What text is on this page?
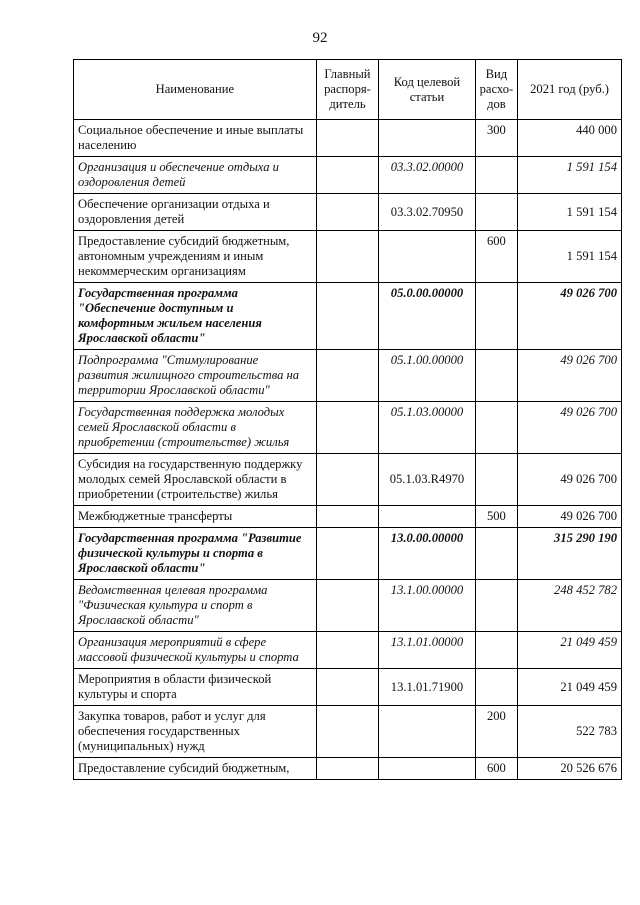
92
Наименование	Главный распоря-дитель	Код целевой статьи	Вид расхо-дов	2021 год (руб.)
Социальное обеспечение и иные выплаты населению			300	440 000
Организация и обеспечение отдыха и оздоровления детей		03.3.02.00000		1 591 154
Обеспечение организации отдыха и оздоровления детей		03.3.02.70950		1 591 154
Предоставление субсидий бюджетным, автономным учреждениям и иным некоммерческим организациям			600	1 591 154
Государственная программа "Обеспечение доступным и комфортным жильем населения Ярославской области"		05.0.00.00000		49 026 700
Подпрограмма "Стимулирование развития жилищного строительства на территории Ярославской области"		05.1.00.00000		49 026 700
Государственная поддержка молодых семей Ярославской области в приобретении (строительстве) жилья		05.1.03.00000		49 026 700
Субсидия на государственную поддержку молодых семей Ярославской области в приобретении (строительстве) жилья		05.1.03.R4970		49 026 700
Межбюджетные трансферты			500	49 026 700
Государственная программа "Развитие физической культуры и спорта в Ярославской области"		13.0.00.00000		315 290 190
Ведомственная целевая программа "Физическая культура и спорт в Ярославской области"		13.1.00.00000		248 452 782
Организация мероприятий в сфере массовой физической культуры и спорта		13.1.01.00000		21 049 459
Мероприятия в области физической культуры и спорта		13.1.01.71900		21 049 459
Закупка товаров, работ и услуг для обеспечения государственных (муниципальных) нужд			200	522 783
Предоставление субсидий бюджетным,			600	20 526 676
